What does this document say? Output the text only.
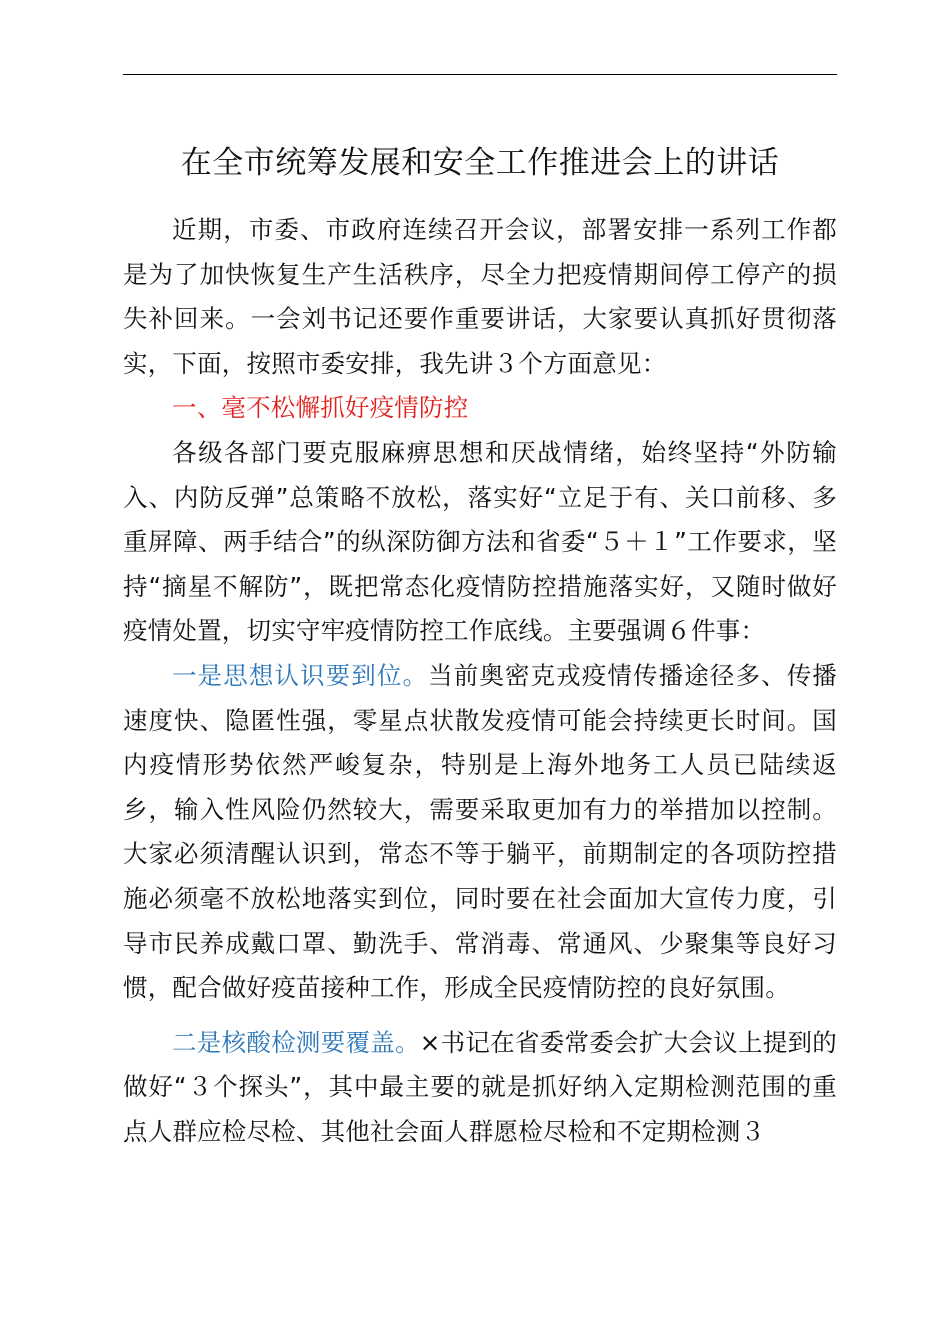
在全市统筹发展和安全工作推进会上的讲话

近期，市委、市政府连续召开会议，部署安排一系列工作都是为了加快恢复生产生活秩序，尽全力把疫情期间停工停产的损失补回来。一会刘书记还要作重要讲话，大家要认真抓好贯彻落实，下面，按照市委安排，我先讲３个方面意见：

一、毫不松懈抓好疫情防控

各级各部门要克服麻痹思想和厌战情绪，始终坚持“外防输入、内防反弹”总策略不放松，落实好“立足于有、关口前移、多重屏障、两手结合”的纵深防御方法和省委“５＋１”工作要求，坚持“摘星不解防”，既把常态化疫情防控措施落实好，又随时做好疫情处置，切实守牢疫情防控工作底线。主要强调６件事：

一是思想认识要到位。当前奥密克戎疫情传播途径多、传播速度快、隐匿性强，零星点状散发疫情可能会持续更长时间。国内疫情形势依然严峻复杂，特别是上海外地务工人员已陆续返乡，输入性风险仍然较大，需要采取更加有力的举措加以控制。大家必须清醒认识到，常态不等于躺平，前期制定的各项防控措施必须毫不放松地落实到位，同时要在社会面加大宣传力度，引导市民养成戴口罩、勤洗手、常消毒、常通风、少聚集等良好习惯，配合做好疫苗接种工作，形成全民疫情防控的良好氛围。

二是核酸检测要覆盖。×书记在省委常委会扩大会议上提到的做好“３个探头”，其中最主要的就是抓好纳入定期检测范围的重点人群应检尽检、其他社会面人群愿检尽检和不定期检测３
